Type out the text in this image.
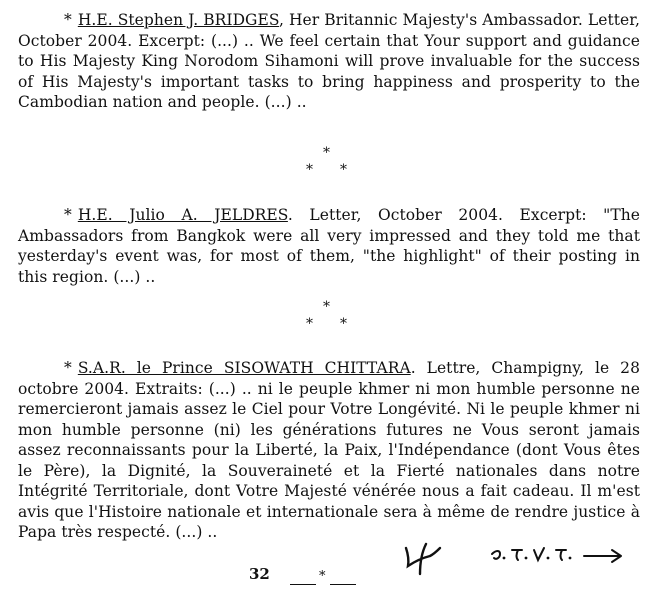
* H.E. Stephen J. BRIDGES, Her Britannic Majesty's Ambassador. Letter, October 2004. Excerpt: (...) .. We feel certain that Your support and guidance to His Majesty King Norodom Sihamoni will prove invaluable for the success of His Majesty's important tasks to bring happiness and prosperity to the Cambodian nation and people. (...) ..
*
* *
* H.E. Julio A. JELDRES. Letter, October 2004. Excerpt: "The Ambassadors from Bangkok were all very impressed and they told me that yesterday's event was, for most of them, "the highlight" of their posting in this region. (...) ..
*
* *
* S.A.R. le Prince SISOWATH CHITTARA. Lettre, Champigny, le 28 octobre 2004. Extraits: (...) .. ni le peuple khmer ni mon humble personne ne remercieront jamais assez le Ciel pour Votre Longévité. Ni le peuple khmer ni mon humble personne (ni) les générations futures ne Vous seront jamais assez reconnaissants pour la Liberté, la Paix, l'Indépendance (dont Vous êtes le Père), la Dignité, la Souveraineté et la Fierté nationales dans notre Intégrité Territoriale, dont Votre Majesté vénérée nous a fait cadeau. Il m'est avis que l'Histoire nationale et internationale sera à même de rendre justice à Papa très respecté. (...) ..
32	*
